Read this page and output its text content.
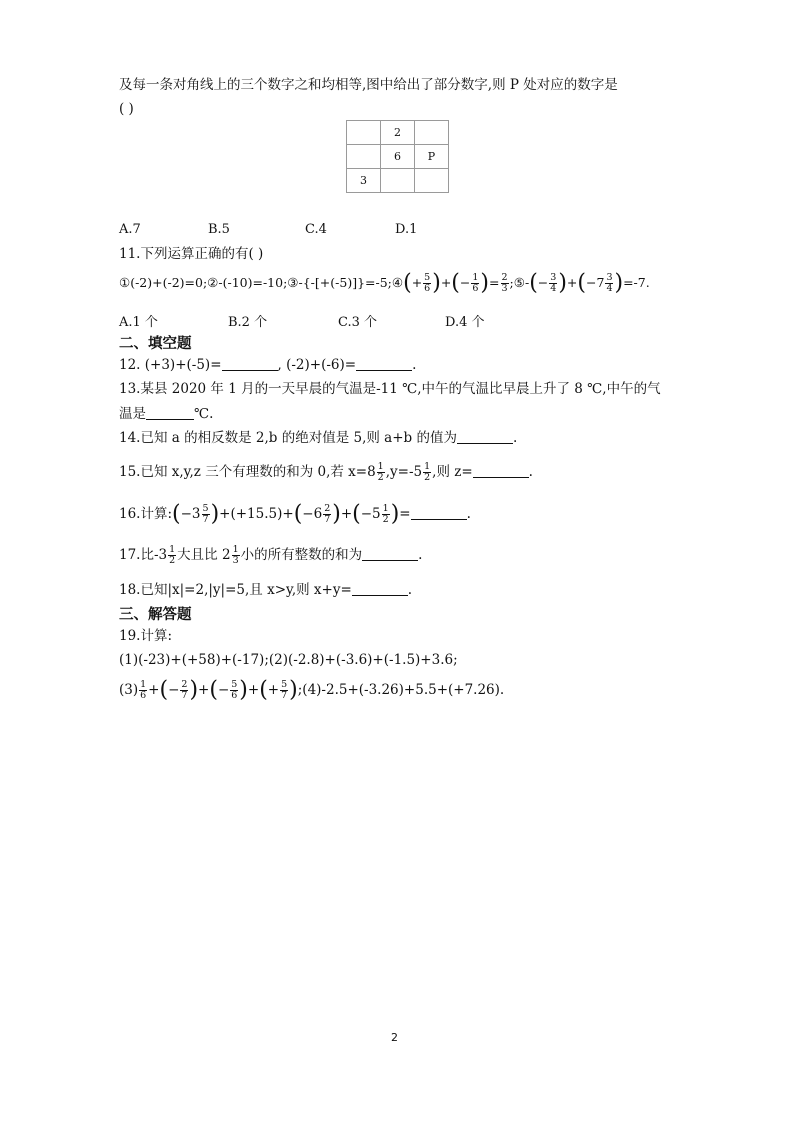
及每一条对角线上的三个数字之和均相等,图中给出了部分数字,则 P 处对应的数字是
( )
	2	
	6	P
3		
A.7	B.5	C.4	D.1
11.下列运算正确的有( )
①(-2)+(-2)=0;②-(-10)=-10;③-{-[+(-5)]}=-5;④(+ $\frac{5}{6}$ )+(− $\frac{1}{6}$ )= $\frac{2}{3}$ ;⑤-(− $\frac{3}{4} )+(-7 \frac{3}{4} )=-7$.
A.1 个	B.2 个	C.3 个	D.4 个
二、填空题
12. (+3)+(-5)=	, (-2)+(-6)=	.
13.某县 2020 年 1 月的一天早晨的气温是-11 ℃,中午的气温比早晨上升了 8 ℃,中午的气
温是	℃.
14.已知 a 的相反数是 2,b 的绝对值是 5,则 a+b 的值为	.
15.已知 x,y,z 三个有理数的和为 0,若 $x=8 \frac{1}{2} ,y=-5 \frac{1}{2}$ ,则 z=	.
16.计算:(−3 $\frac{5}{7} )+(+15.5)+(-6 \frac{2}{7} )+(-5 \frac{1}{2}$ )=	.
17.比$-3 \frac{1}{2}$ 大且比 $2 \frac{1}{3}$ 小的所有整数的和为	.
18.已知|x|=2,|y|=5,且 x>y,则 x+y=	.
三、解答题
19.计算:
(1)(-23)+(+58)+(-17);(2)(-2.8)+(-3.6)+(-1.5)+3.6;
$(3) \frac{1}{6}$ +(− $\frac{2}{7}$ )+(− $\frac{5}{6}$ )+(+ $\frac{5}{7}$ );(4)-2.5+(-3.26)+5.5+(+7.26).
2
